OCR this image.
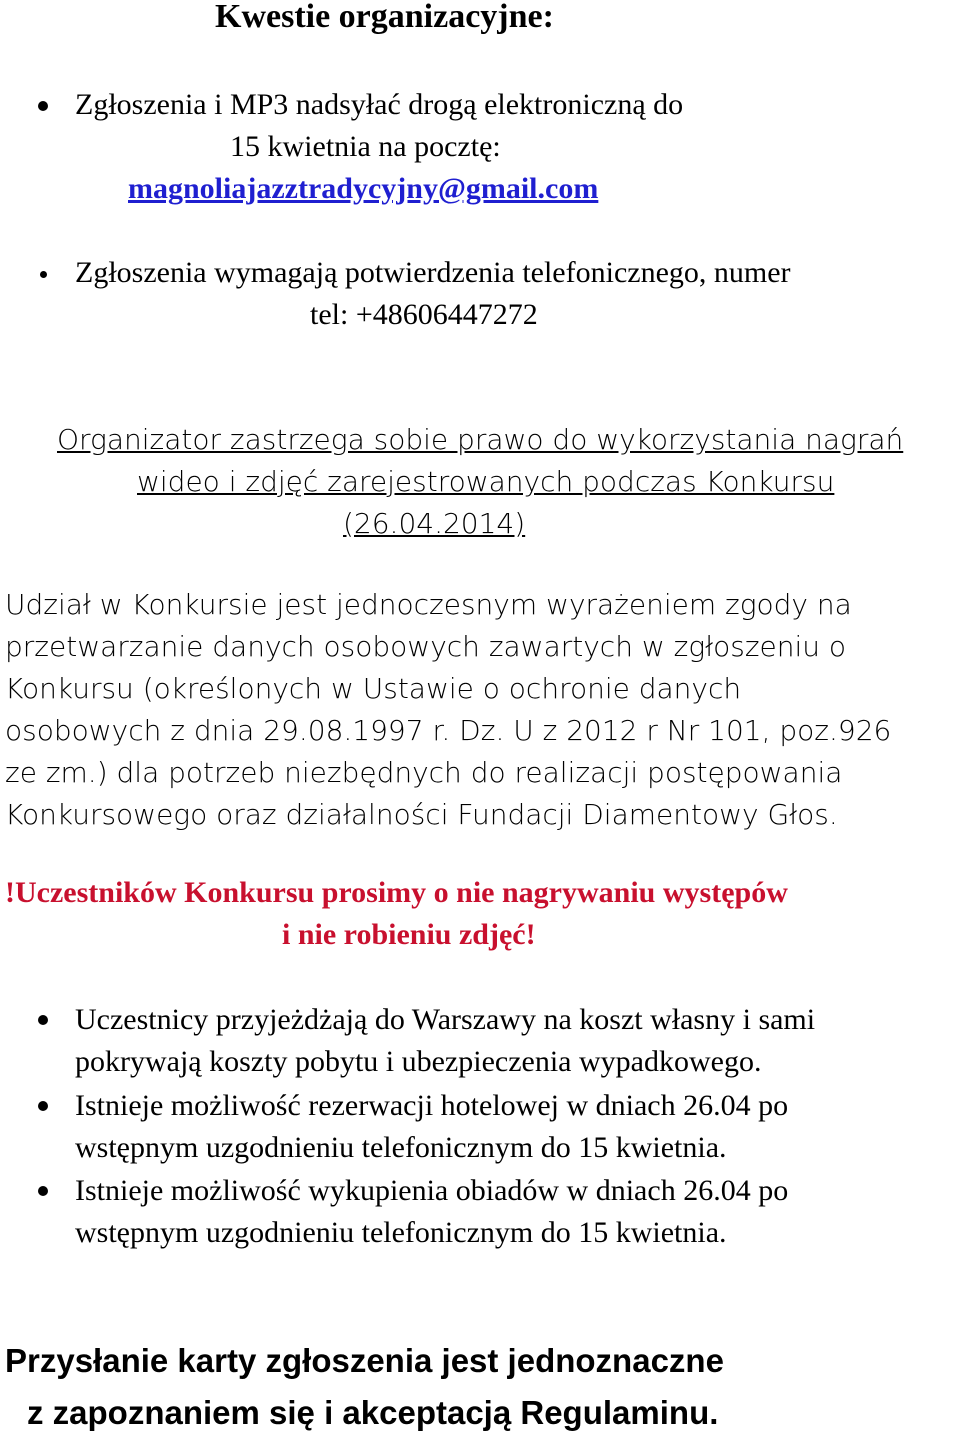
Kwestie organizacyjne:
Zgłoszenia i MP3 nadsyłać drogą elektroniczną do
15 kwietnia na pocztę:
magnoliajazztradycyjny@gmail.com
Zgłoszenia wymagają potwierdzenia telefonicznego, numer
tel: +48606447272
Organizator zastrzega sobie prawo do wykorzystania nagrań
wideo i zdjęć zarejestrowanych podczas Konkursu
(26.04.2014)
Udział w Konkursie jest jednoczesnym wyrażeniem zgody na
przetwarzanie danych osobowych zawartych w zgłoszeniu o
Konkursu (określonych w Ustawie o ochronie danych
osobowych z dnia 29.08.1997 r. Dz. U z 2012 r Nr 101, poz.926
ze zm.) dla potrzeb niezbędnych do realizacji postępowania
Konkursowego oraz działalności Fundacji Diamentowy Głos.
!Uczestników Konkursu prosimy o nie nagrywaniu występów
i nie robieniu zdjęć!
Uczestnicy przyjeżdżają do Warszawy na koszt własny i sami
pokrywają koszty pobytu i ubezpieczenia wypadkowego.
Istnieje możliwość rezerwacji hotelowej w dniach 26.04 po
wstępnym uzgodnieniu telefonicznym do 15 kwietnia.
Istnieje możliwość wykupienia obiadów w dniach 26.04 po
wstępnym uzgodnieniu telefonicznym do 15 kwietnia.
Przysłanie karty zgłoszenia jest jednoznaczne
z zapoznaniem się i akceptacją Regulaminu.
